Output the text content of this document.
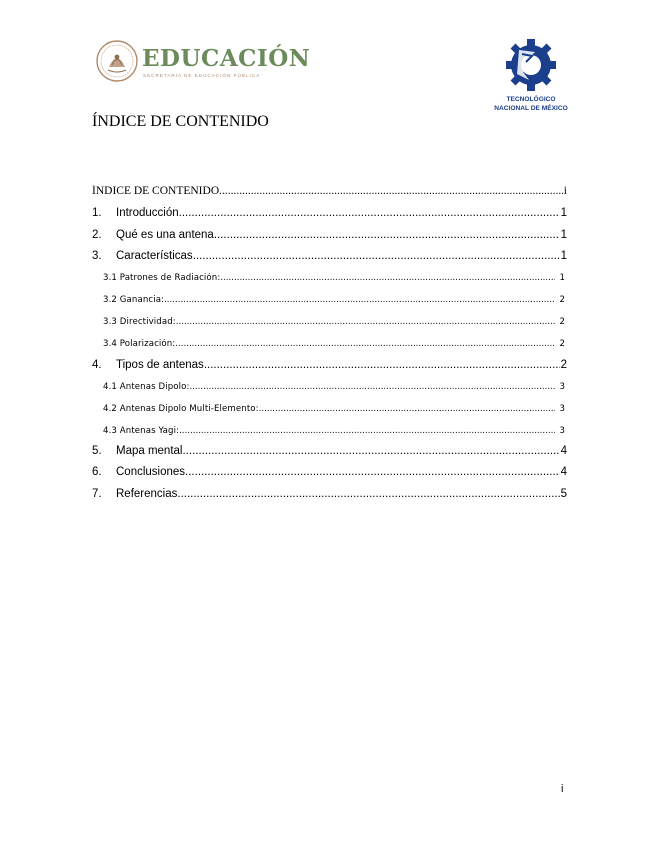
EDUCACIÓN
SECRETARÍA DE EDUCACIÓN PÚBLICA
TECNOLÓGICO
NACIONAL DE MÉXICO
ÍNDICE DE CONTENIDO
ÍNDICE DE CONTENIDO .....	i
1.	Introducción .....	1
2.	Qué es una antena .....	1
3.	Características .....	1
3.1 Patrones de Radiación: .....	1
3.2 Ganancia: .....	2
3.3 Directividad: .....	2
3.4 Polarización: .....	2
4.	Tipos de antenas .....	2
4.1 Antenas Dipolo: .....	3
4.2 Antenas Dipolo Multi-Elemento: .....	3
4.3 Antenas Yagi: .....	3
5.	Mapa mental .....	4
6.	Conclusiones .....	4
7.	Referencias .....	5
i
